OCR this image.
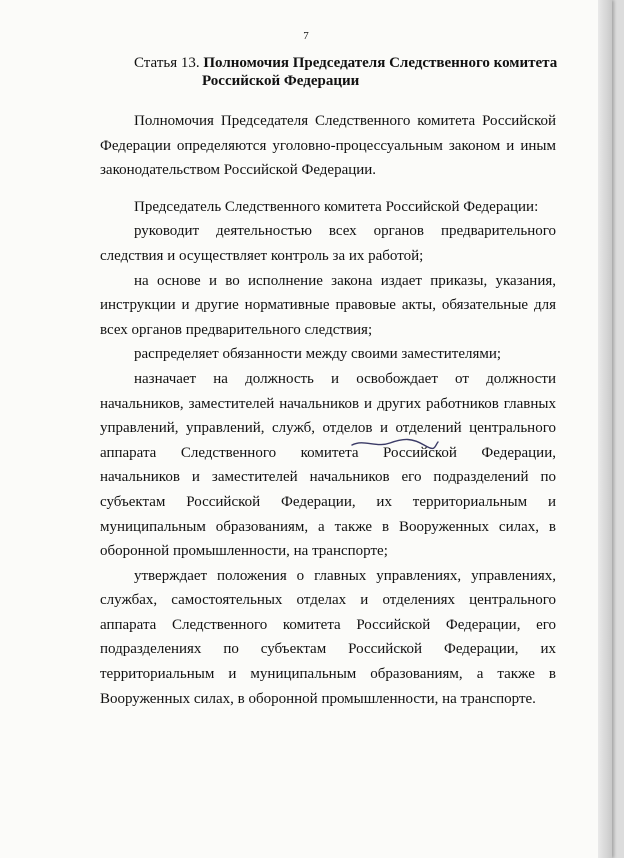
7
Статья 13. Полномочия Председателя Следственного комитета
Российской Федерации

Полномочия Председателя Следственного комитета Российской Федерации определяются уголовно-процессуальным законом и иным законодательством Российской Федерации.

Председатель Следственного комитета Российской Федерации:

руководит деятельностью всех органов предварительного следствия и осуществляет контроль за их работой;

на основе и во исполнение закона издает приказы, указания, инструкции и другие нормативные правовые акты, обязательные для всех органов предварительного следствия;

распределяет обязанности между своими заместителями;

назначает на должность и освобождает от должности начальников, заместителей начальников и других работников главных управлений, управлений, служб, отделов и отделений центрального аппарата Следственного комитета Российской Федерации, начальников и заместителей начальников его подразделений по субъектам Российской Федерации, их территориальным и муниципальным образованиям, а также в Вооруженных силах, в оборонной промышленности, на транспорте;

утверждает положения о главных управлениях, управлениях, службах, самостоятельных отделах и отделениях центрального аппарата Следственного комитета Российской Федерации, его подразделениях по субъектам Российской Федерации, их территориальным и муниципальным образованиям, а также в Вооруженных силах, в оборонной промышленности, на транспорте.
